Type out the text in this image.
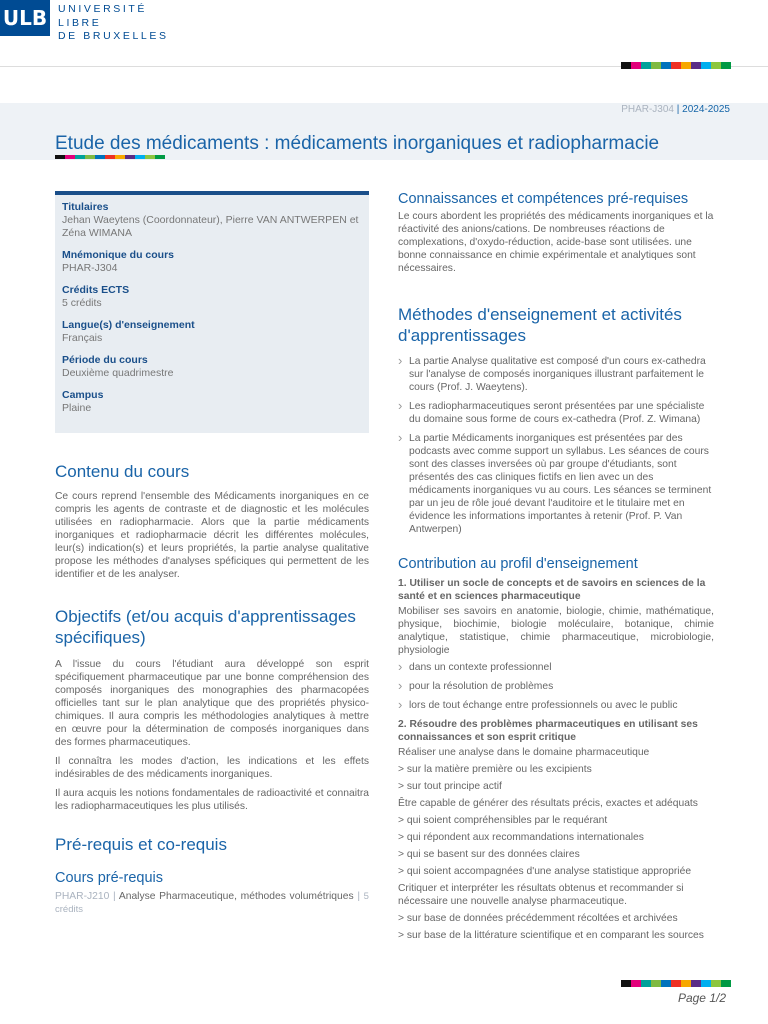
ULB UNIVERSITÉ
LIBRE
DE BRUXELLES
PHAR-J304 | 2024-2025
Etude des médicaments : médicaments inorganiques et radiopharmacie
Titulaires
Jehan Waeytens (Coordonnateur), Pierre VAN ANTWERPEN et Zéna WIMANA
Mnémonique du cours
PHAR-J304
Crédits ECTS
5 crédits
Langue(s) d'enseignement
Français
Période du cours
Deuxième quadrimestre
Campus
Plaine
Contenu du cours

Ce cours reprend l'ensemble des Médicaments inorganiques en ce compris les agents de contraste et de diagnostic et les molécules utilisées en radiopharmacie. Alors que la partie médicaments inorganiques et radiopharmacie décrit les différentes molécules, leur(s) indication(s) et leurs propriétés, la partie analyse qualitative propose les méthodes d'analyses spéficiques qui permettent de les identifier et de les analyser.

Objectifs (et/ou acquis d'apprentissages spécifiques)

A l'issue du cours l'étudiant aura développé son esprit spécifiquement pharmaceutique par une bonne compréhension des composés inorganiques des monographies des pharmacopées officielles tant sur le plan analytique que des propriétés physico-chimiques. Il aura compris les méthodologies analytiques à mettre en œuvre pour la détermination de composés inorganiques dans des formes pharmaceutiques.

Il connaîtra les modes d'action, les indications et les effets indésirables de des médicaments inorganiques.

Il aura acquis les notions fondamentales de radioactivité et connaitra les radiopharmaceutiques les plus utilisés.

Pré-requis et co-requis
Cours pré-requis
PHAR-J210 | Analyse Pharmaceutique, méthodes volumétriques | 5 crédits
Connaissances et compétences pré-requises

Le cours abordent les propriétés des médicaments inorganiques et la réactivité des anions/cations. De nombreuses réactions de complexations, d'oxydo-réduction, acide-base sont utilisées. une bonne connaissance en chimie expérimentale et analytiques sont nécessaires.

Méthodes d'enseignement et activités d'apprentissages
› La partie Analyse qualitative est composé d'un cours ex-cathedra sur l'analyse de composés inorganiques illustrant parfaitement le cours (Prof. J. Waeytens).
› Les radiopharmaceutiques seront présentées par une spécialiste du domaine sous forme de cours ex-cathedra (Prof. Z. Wimana)
› La partie Médicaments inorganiques est présentées par des podcasts avec comme support un syllabus. Les séances de cours sont des classes inversées où par groupe d'étudiants, sont présentés des cas cliniques fictifs en lien avec un des médicaments inorganiques vu au cours. Les séances se terminent par un jeu de rôle joué devant l'auditoire et le titulaire met en évidence les informations importantes à retenir (Prof. P. Van Antwerpen)
Contribution au profil d'enseignement
1. Utiliser un socle de concepts et de savoirs en sciences de la santé et en sciences pharmaceutique

Mobiliser ses savoirs en anatomie, biologie, chimie, mathématique, physique, biochimie, biologie moléculaire, botanique, chimie analytique, statistique, chimie pharmaceutique, microbiologie, physiologie

› dans un contexte professionnel
› pour la résolution de problèmes
› lors de tout échange entre professionnels ou avec le public
2. Résoudre des problèmes pharmaceutiques en utilisant ses connaissances et son esprit critique
Réaliser une analyse dans le domaine pharmaceutique
> sur la matière première ou les excipients
> sur tout principe actif
Être capable de générer des résultats précis, exactes et adéquats
> qui soient compréhensibles par le requérant
> qui répondent aux recommandations internationales
> qui se basent sur des données claires
> qui soient accompagnées d'une analyse statistique appropriée
Critiquer et interpréter les résultats obtenus et recommander si nécessaire une nouvelle analyse pharmaceutique.
> sur base de données précédemment récoltées et archivées
> sur base de la littérature scientifique et en comparant les sources
Page 1/2
